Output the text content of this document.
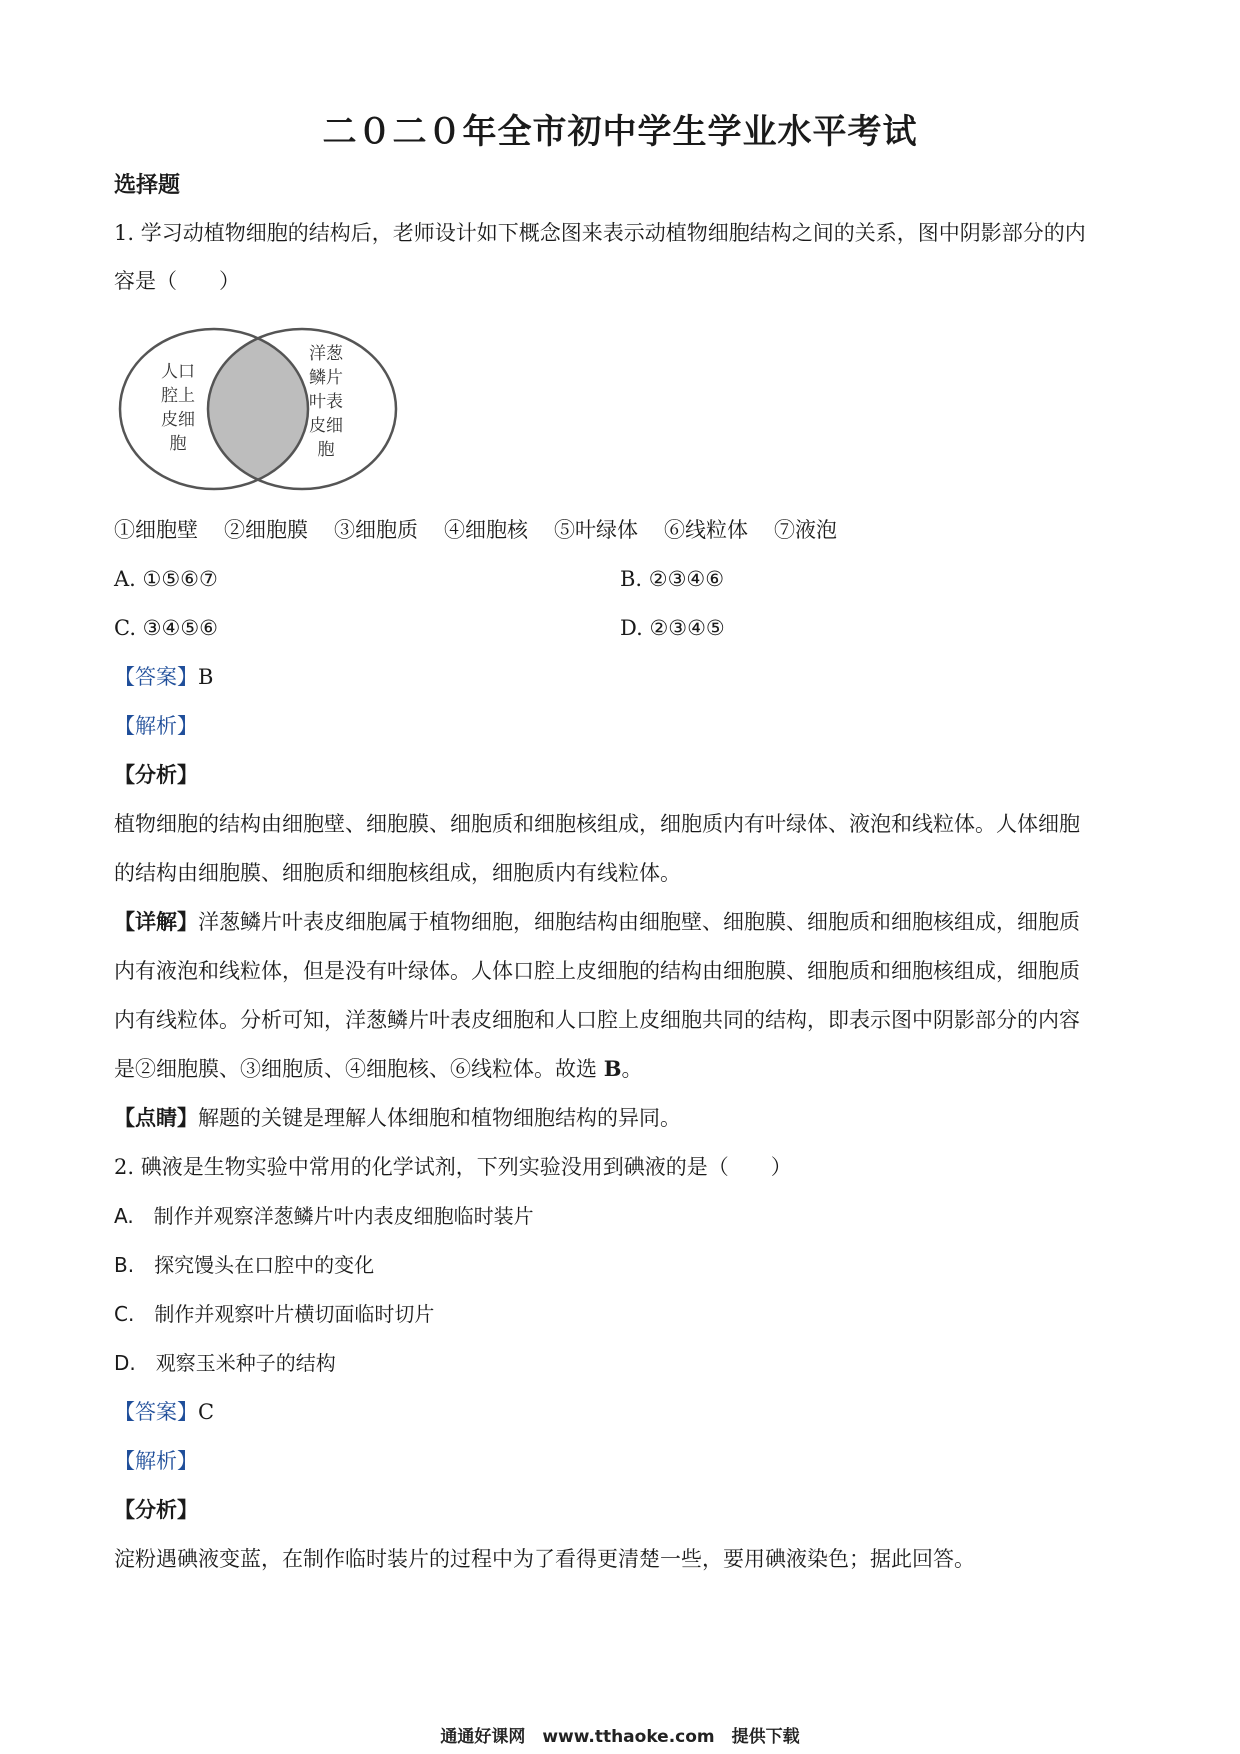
二０二０年全市初中学生学业水平考试
选择题
1. 学习动植物细胞的结构后，老师设计如下概念图来表示动植物细胞结构之间的关系，图中阴影部分的内
容是（　　）
人口腔上皮细胞
洋葱鳞片叶表皮细胞
①细胞壁 ②细胞膜 ③细胞质 ④细胞核 ⑤叶绿体 ⑥线粒体 ⑦液泡
A. ①⑤⑥⑦	B. ②③④⑥
C. ③④⑤⑥	D. ②③④⑤
【答案】B
【解析】
【分析】
植物细胞的结构由细胞壁、细胞膜、细胞质和细胞核组成，细胞质内有叶绿体、液泡和线粒体。人体细胞
的结构由细胞膜、细胞质和细胞核组成，细胞质内有线粒体。
【详解】洋葱鳞片叶表皮细胞属于植物细胞，细胞结构由细胞壁、细胞膜、细胞质和细胞核组成，细胞质
内有液泡和线粒体，但是没有叶绿体。人体口腔上皮细胞的结构由细胞膜、细胞质和细胞核组成，细胞质
内有线粒体。分析可知，洋葱鳞片叶表皮细胞和人口腔上皮细胞共同的结构，即表示图中阴影部分的内容
是②细胞膜、③细胞质、④细胞核、⑥线粒体。故选 B。
【点睛】解题的关键是理解人体细胞和植物细胞结构的异同。
2. 碘液是生物实验中常用的化学试剂，下列实验没用到碘液的是（　　）
A.　制作并观察洋葱鳞片叶内表皮细胞临时装片
B.　探究馒头在口腔中的变化
C.　制作并观察叶片横切面临时切片
D.　观察玉米种子的结构
【答案】C
【解析】
【分析】
淀粉遇碘液变蓝，在制作临时装片的过程中为了看得更清楚一些，要用碘液染色；据此回答。
通通好课网　www.tthaoke.com　提供下载
